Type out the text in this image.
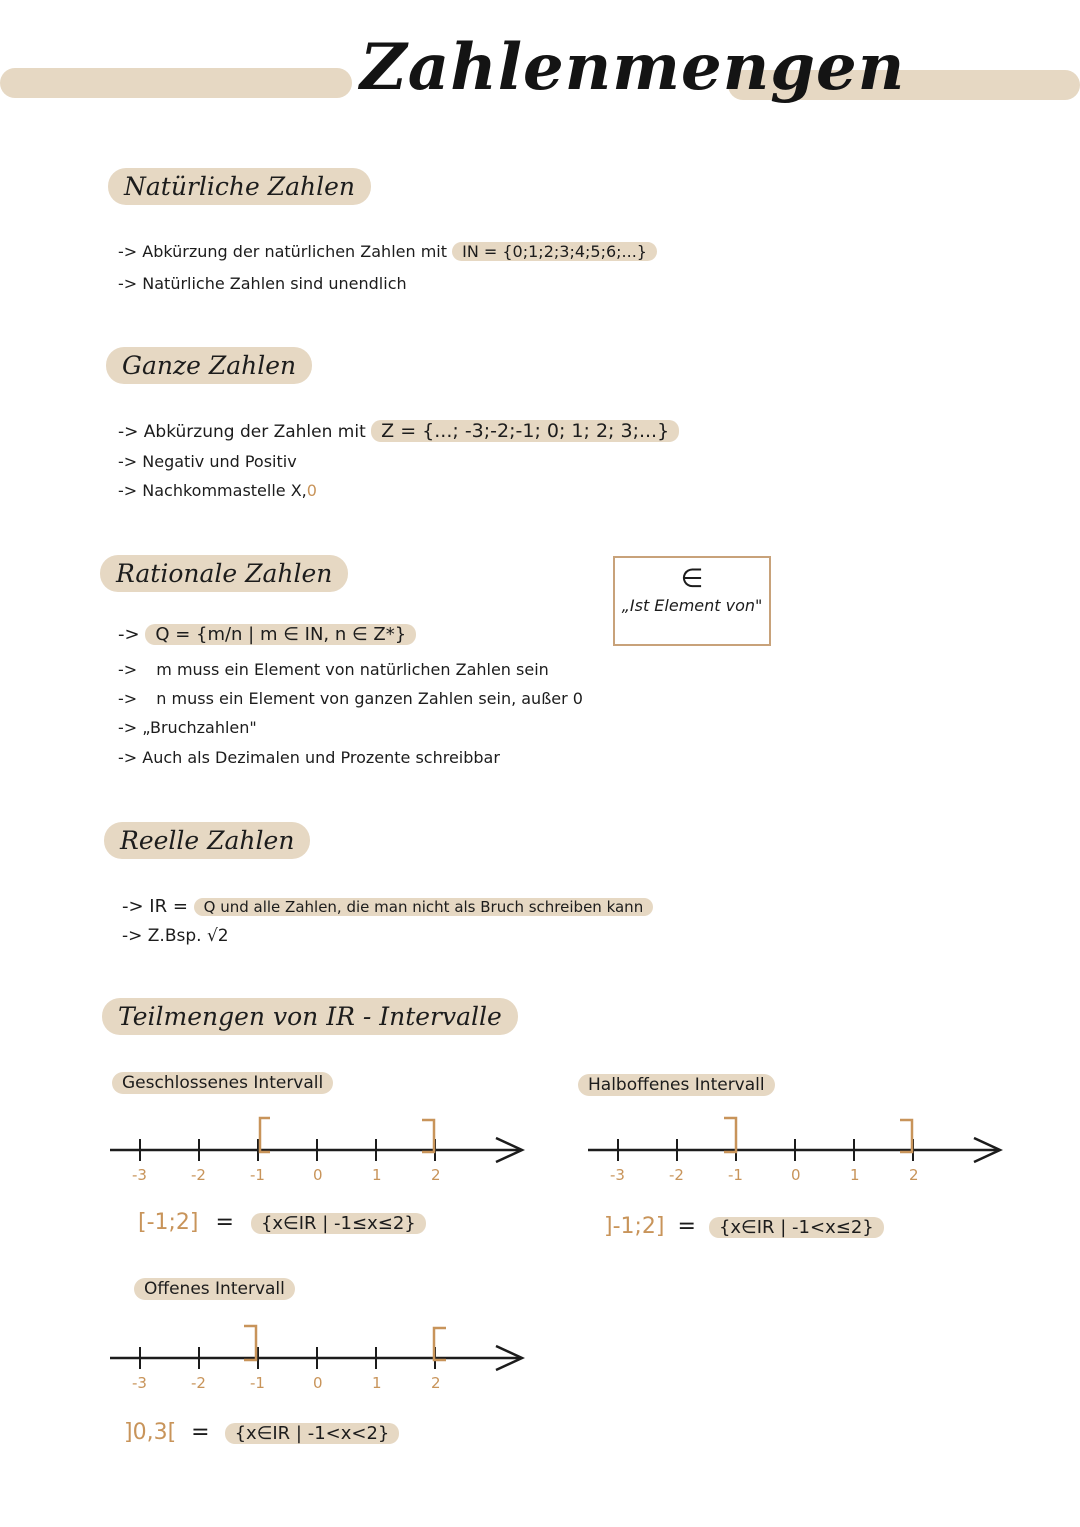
Zahlenmengen
Natürliche Zahlen
-> Abkürzung der natürlichen Zahlen mit IN = {0;1;2;3;4;5;6;...}
-> Natürliche Zahlen sind unendlich
Ganze Zahlen
-> Abkürzung der Zahlen mit Z = {...; -3;-2;-1; 0; 1; 2; 3;...}
-> Negativ und Positiv
-> Nachkommastelle X,0
Rationale Zahlen
-> Q = {m/n | m ∈ IN, n ∈ Z*}
-> m muss ein Element von natürlichen Zahlen sein
-> n muss ein Element von ganzen Zahlen sein, außer 0
-> „Bruchzahlen"
-> Auch als Dezimalen und Prozente schreibbar
∈
„Ist Element von"
Reelle Zahlen
-> IR = Q und alle Zahlen, die man nicht als Bruch schreiben kann
-> Z.Bsp. √2
Teilmengen von IR - Intervalle
Geschlossenes Intervall	Halboffenes Intervall
Offenes Intervall
-3	-2	-1	0	1	2
[-1;2] = {x∈IR | -1≤x≤2}
-3	-2	-1	0	1	2
]-1;2] = {x∈IR | -1<x≤2}
-3	-2	-1	0	1	2
]0,3[ = {x∈IR | -1<x<2}
